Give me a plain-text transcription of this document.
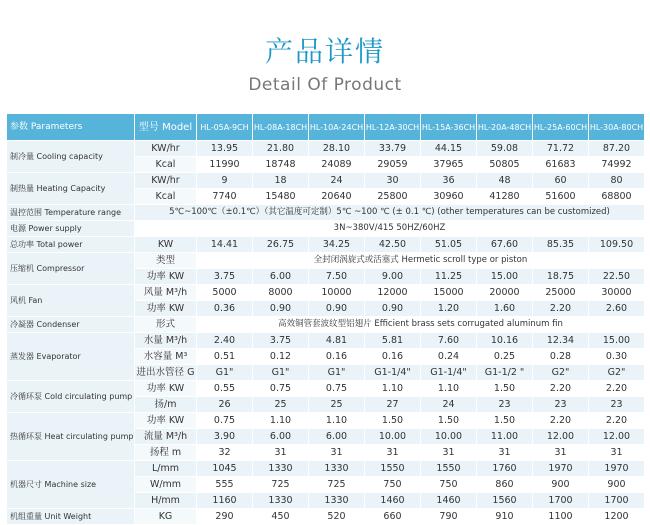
产品详情
Detail Of Product
参数 Parameters	型号 Model	HL-05A-9CH	HL-08A-18CH	HL-10A-24CH	HL-12A-30CH	HL-15A-36CH	HL-20A-48CH	HL-25A-60CH	HL-30A-80CH
制冷量 Cooling capacity	KW/hr	13.95	21.80	28.10	33.79	44.15	59.08	71.72	87.20
	Kcal	11990	18748	24089	29059	37965	50805	61683	74992
制热量 Heating Capacity	KW/hr	9	18	24	30	36	48	60	80
	Kcal	7740	15480	20640	25800	30960	41280	51600	68800
温控范围 Temperature range	5℃~100℃（±0.1℃）（其它温度可定制）5℃ ~100 ℃ (± 0.1 ℃) (other temperatures can be customized)								
电源 Power supply	3N~380V/415 50HZ/60HZ								
总功率 Total power	KW	14.41	26.75	34.25	42.50	51.05	67.60	85.35	109.50
压缩机 Compressor	类型	全封闭涡旋式或活塞式 Hermetic scroll type or piston							
	功率 KW	3.75	6.00	7.50	9.00	11.25	15.00	18.75	22.50
风机 Fan	风量 M³/h	5000	8000	10000	12000	15000	20000	25000	30000
	功率 KW	0.36	0.90	0.90	0.90	1.20	1.60	2.20	2.60
冷凝器 Condenser	形式	高效铜管套波纹型铝翅片 Efficient brass sets corrugated aluminum fin							
蒸发器 Evaporator	水量 M³/h	2.40	3.75	4.81	5.81	7.60	10.16	12.34	15.00
	水容量 M³	0.51	0.12	0.16	0.16	0.24	0.25	0.28	0.30
	进出水管径 G	G1"	G1"	G1"	G1-1/4"	G1-1/4"	G1-1/2 "	G2"	G2"
冷循环泵 Cold circulating pump	功率 KW	0.55	0.75	0.75	1.10	1.10	1.50	2.20	2.20
	扬/m	26	25	25	27	24	23	23	23
热循环泵 Heat circulating pump	功率 KW	0.75	1.10	1.10	1.50	1.50	1.50	2.20	2.20
	流量 M³/h	3.90	6.00	6.00	10.00	10.00	11.00	12.00	12.00
	扬程 m	32	31	31	31	31	31	31	31
机器尺寸 Machine size	L/mm	1045	1330	1330	1550	1550	1760	1970	1970
	W/mm	555	725	725	750	750	860	900	900
	H/mm	1160	1330	1330	1460	1460	1560	1700	1700
机组重量 Unit Weight	KG	290	450	520	660	790	910	1100	1200
